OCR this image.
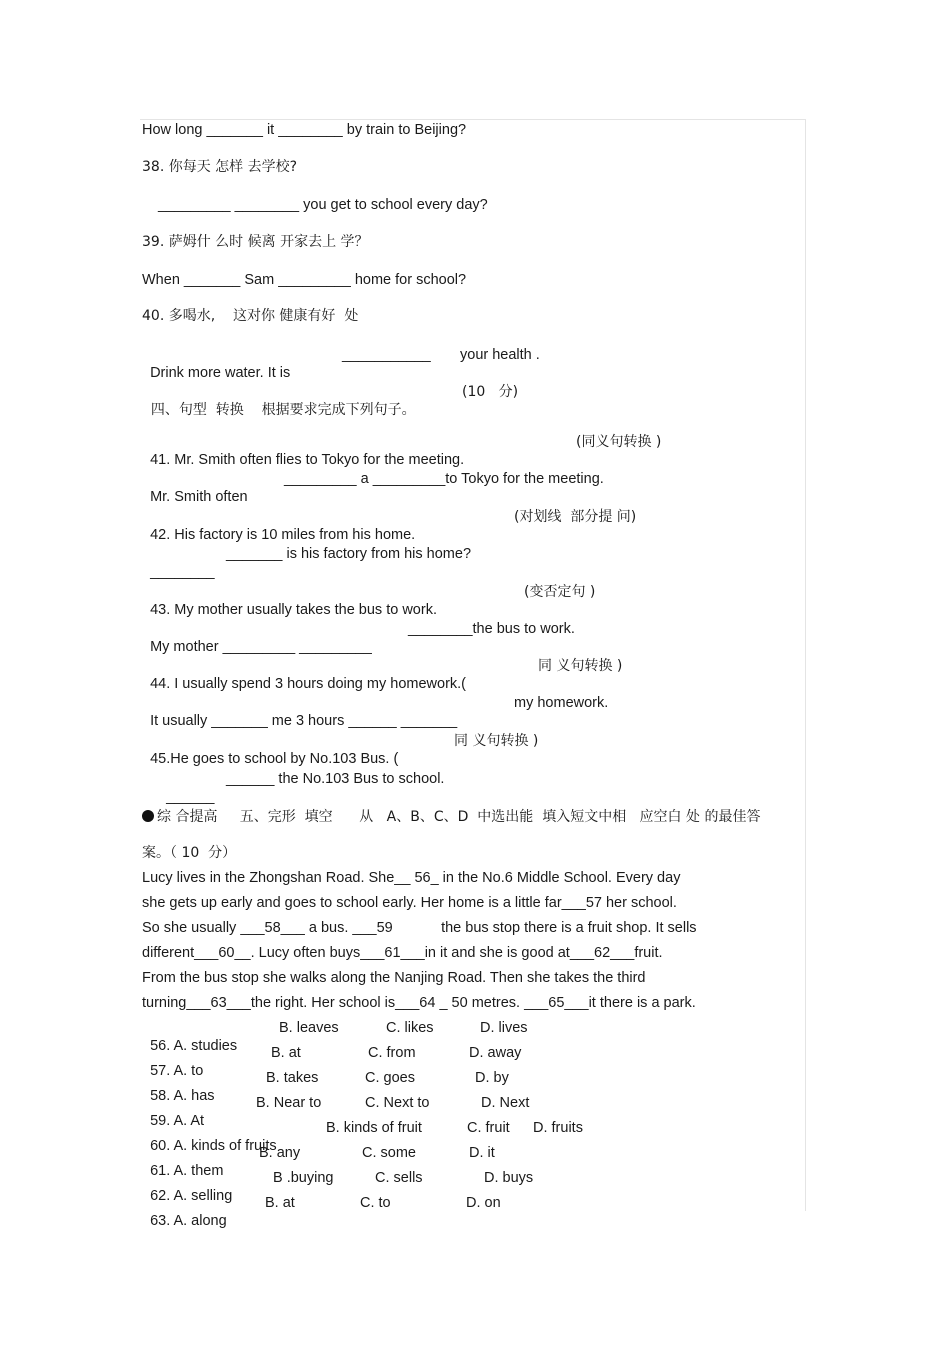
How long _______ it ________ by train to Beijing?
38. 你每天 怎样 去学校?
_________ ________ you get to school every day?
39. 萨姆什 么时 候离 开家去上 学？
When _______ Sam _________ home for school?
40. 多喝水,    这对你 健康有好  处

Drink more water. It is

___________

your health .

四、句型  转换    根据要求完成下列句子。

(10   分)

41. Mr. Smith often flies to Tokyo for the meeting.

(同义句转换 )

Mr. Smith often

_________ a _________to Tokyo for the meeting.

42. His factory is 10 miles from his home.

(对划线  部分提 问)

________

_______ is his factory from his home?

43. My mother usually takes the bus to work.

(变否定句 )

My mother _________ _________

________the bus to work.

44. I usually spend 3 hours doing my homework.(

同 义句转换 )

It usually _______ me 3 hours ______ _______

my homework.

45.He goes to school by No.103 Bus. (

同 义句转换 )

______

______ the No.103 Bus to school.

综 合提高     五、完形  填空      从   A、B、C、D  中选出能  填入短文中相   应空白 处 的最佳答
案。（ 10  分）
Lucy lives in the Zhongshan Road. She__ 56_ in the No.6 Middle School. Every day
she gets up early and goes to school early. Her home is a little far___57 her school.
So she usually ___58___ a bus. ___59            the bus stop there is a fruit shop. It sells
different___60__. Lucy often buys___61___in it and she is good at___62___fruit.
From the bus stop she walks along the Nanjing Road. Then she takes the third
turning___63___the right. Her school is___64 _ 50 metres. ___65___it there is a park.

56. A. studies

B. leaves

	C. likes

	D. lives

57. A. to

B. at

	C. from

	D. away

58. A. has

B. takes

	C. goes

	D. by

59. A. At

B. Near to

	C. Next to

	D. Next

60. A. kinds of fruits

B. kinds of fruit

	C. fruit

D. fruits

61. A. them

B. any

	C. some

	D. it

62. A. selling

B .buying

	C. sells

	D. buys

63. A. along

B. at

	C. to

	D. on
